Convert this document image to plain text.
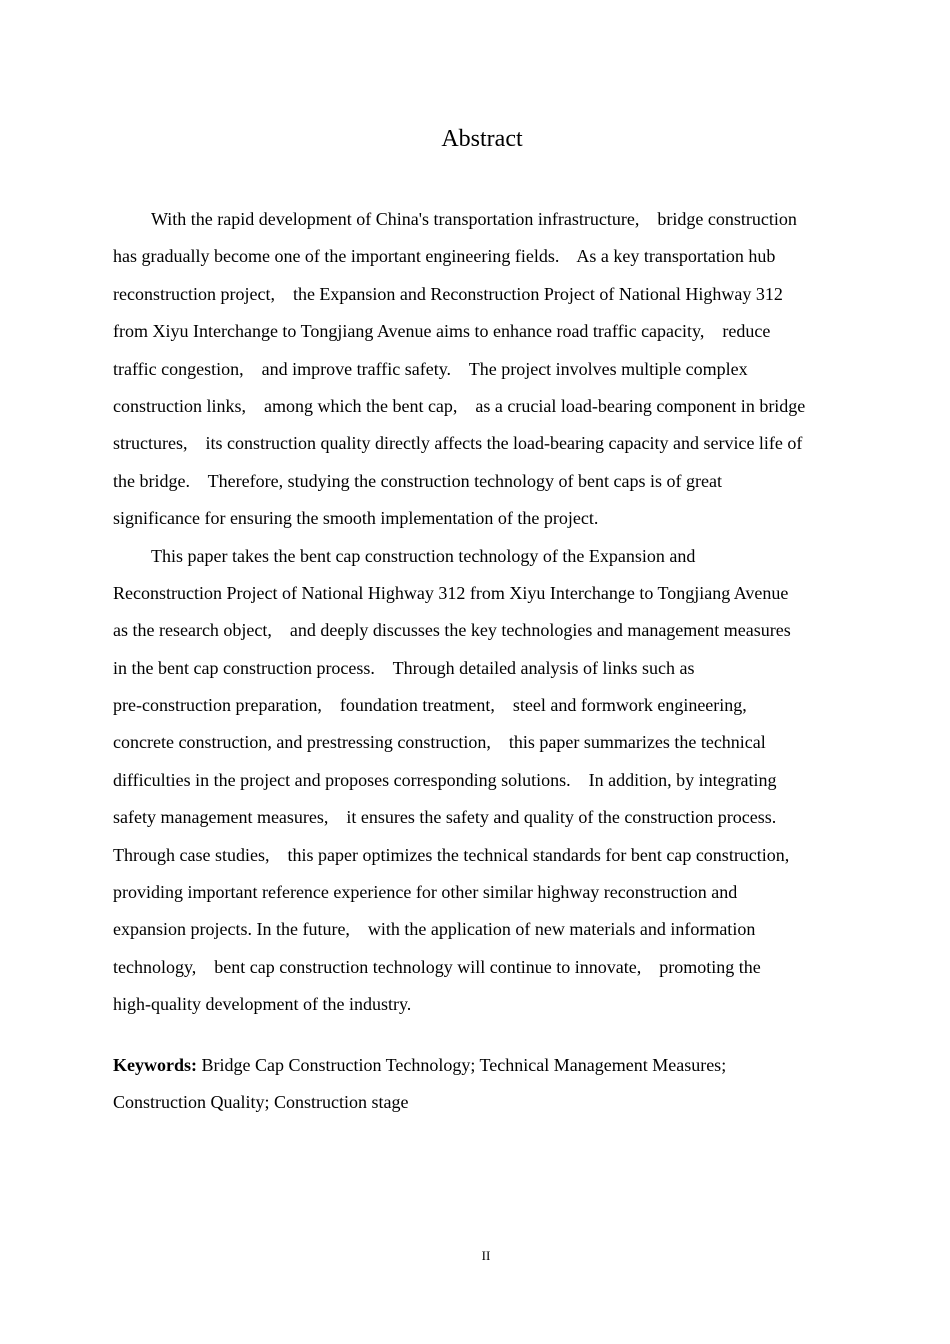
Abstract

With the rapid development of China's transportation infrastructure,    bridge construction
has gradually become one of the important engineering fields.    As a key transportation hub
reconstruction project,    the Expansion and Reconstruction Project of National Highway 312
from Xiyu Interchange to Tongjiang Avenue aims to enhance road traffic capacity,    reduce
traffic congestion,    and improve traffic safety.    The project involves multiple complex
construction links,    among which the bent cap,    as a crucial load-bearing component in bridge
structures,    its construction quality directly affects the load-bearing capacity and service life of
the bridge.    Therefore, studying the construction technology of bent caps is of great
significance for ensuring the smooth implementation of the project.

This paper takes the bent cap construction technology of the Expansion and
Reconstruction Project of National Highway 312 from Xiyu Interchange to Tongjiang Avenue
as the research object,    and deeply discusses the key technologies and management measures
in the bent cap construction process.    Through detailed analysis of links such as
pre-construction preparation,    foundation treatment,    steel and formwork engineering,
concrete construction, and prestressing construction,    this paper summarizes the technical
difficulties in the project and proposes corresponding solutions.    In addition, by integrating
safety management measures,    it ensures the safety and quality of the construction process.
Through case studies,    this paper optimizes the technical standards for bent cap construction,
providing important reference experience for other similar highway reconstruction and
expansion projects. In the future,    with the application of new materials and information
technology,    bent cap construction technology will continue to innovate,    promoting the
high-quality development of the industry.

Keywords: Bridge Cap Construction Technology; Technical Management Measures;
Construction Quality; Construction stage
II
